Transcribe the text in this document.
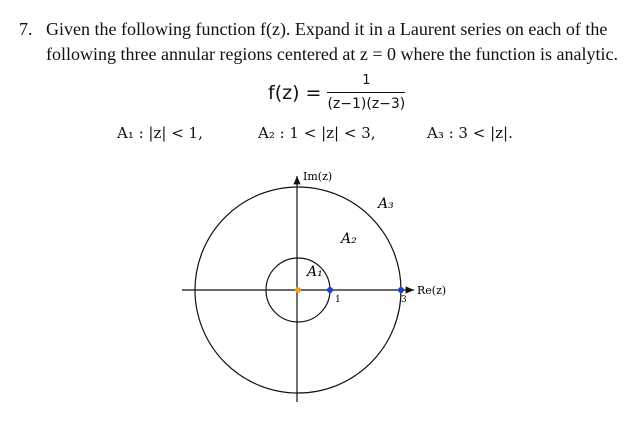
7. Given the following function f(z). Expand it in a Laurent series on each of the following three annular regions centered at z = 0 where the function is analytic.
$f(z) = \frac{1}{(z-1)(z-3)}$
A₁ : |z| < 1,	A₂ : 1 < |z| < 3,	A₃ : 3 < |z|.
Im(z)
Re(z)
1	3
A₁
A₂
A₃
